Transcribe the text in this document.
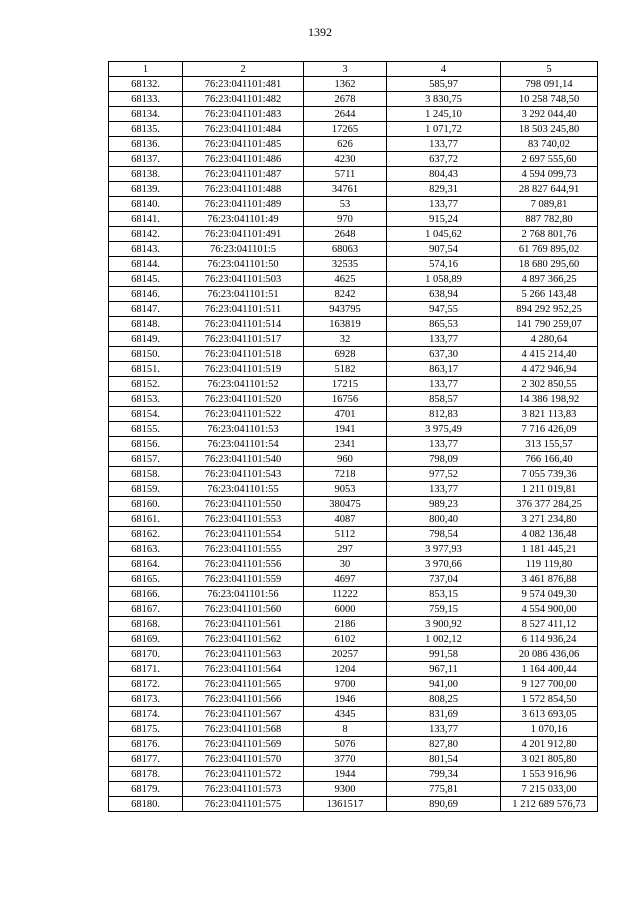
1392
1	2	3	4	5
68132.	76:23:041101:481	1362	585,97	798 091,14
68133.	76:23:041101:482	2678	3 830,75	10 258 748,50
68134.	76:23:041101:483	2644	1 245,10	3 292 044,40
68135.	76:23:041101:484	17265	1 071,72	18 503 245,80
68136.	76:23:041101:485	626	133,77	83 740,02
68137.	76:23:041101:486	4230	637,72	2 697 555,60
68138.	76:23:041101:487	5711	804,43	4 594 099,73
68139.	76:23:041101:488	34761	829,31	28 827 644,91
68140.	76:23:041101:489	53	133,77	7 089,81
68141.	76:23:041101:49	970	915,24	887 782,80
68142.	76:23:041101:491	2648	1 045,62	2 768 801,76
68143.	76:23:041101:5	68063	907,54	61 769 895,02
68144.	76:23:041101:50	32535	574,16	18 680 295,60
68145.	76:23:041101:503	4625	1 058,89	4 897 366,25
68146.	76:23:041101:51	8242	638,94	5 266 143,48
68147.	76:23:041101:511	943795	947,55	894 292 952,25
68148.	76:23:041101:514	163819	865,53	141 790 259,07
68149.	76:23:041101:517	32	133,77	4 280,64
68150.	76:23:041101:518	6928	637,30	4 415 214,40
68151.	76:23:041101:519	5182	863,17	4 472 946,94
68152.	76:23:041101:52	17215	133,77	2 302 850,55
68153.	76:23:041101:520	16756	858,57	14 386 198,92
68154.	76:23:041101:522	4701	812,83	3 821 113,83
68155.	76:23:041101:53	1941	3 975,49	7 716 426,09
68156.	76:23:041101:54	2341	133,77	313 155,57
68157.	76:23:041101:540	960	798,09	766 166,40
68158.	76:23:041101:543	7218	977,52	7 055 739,36
68159.	76:23:041101:55	9053	133,77	1 211 019,81
68160.	76:23:041101:550	380475	989,23	376 377 284,25
68161.	76:23:041101:553	4087	800,40	3 271 234,80
68162.	76:23:041101:554	5112	798,54	4 082 136,48
68163.	76:23:041101:555	297	3 977,93	1 181 445,21
68164.	76:23:041101:556	30	3 970,66	119 119,80
68165.	76:23:041101:559	4697	737,04	3 461 876,88
68166.	76:23:041101:56	11222	853,15	9 574 049,30
68167.	76:23:041101:560	6000	759,15	4 554 900,00
68168.	76:23:041101:561	2186	3 900,92	8 527 411,12
68169.	76:23:041101:562	6102	1 002,12	6 114 936,24
68170.	76:23:041101:563	20257	991,58	20 086 436,06
68171.	76:23:041101:564	1204	967,11	1 164 400,44
68172.	76:23:041101:565	9700	941,00	9 127 700,00
68173.	76:23:041101:566	1946	808,25	1 572 854,50
68174.	76:23:041101:567	4345	831,69	3 613 693,05
68175.	76:23:041101:568	8	133,77	1 070,16
68176.	76:23:041101:569	5076	827,80	4 201 912,80
68177.	76:23:041101:570	3770	801,54	3 021 805,80
68178.	76:23:041101:572	1944	799,34	1 553 916,96
68179.	76:23:041101:573	9300	775,81	7 215 033,00
68180.	76:23:041101:575	1361517	890,69	1 212 689 576,73
